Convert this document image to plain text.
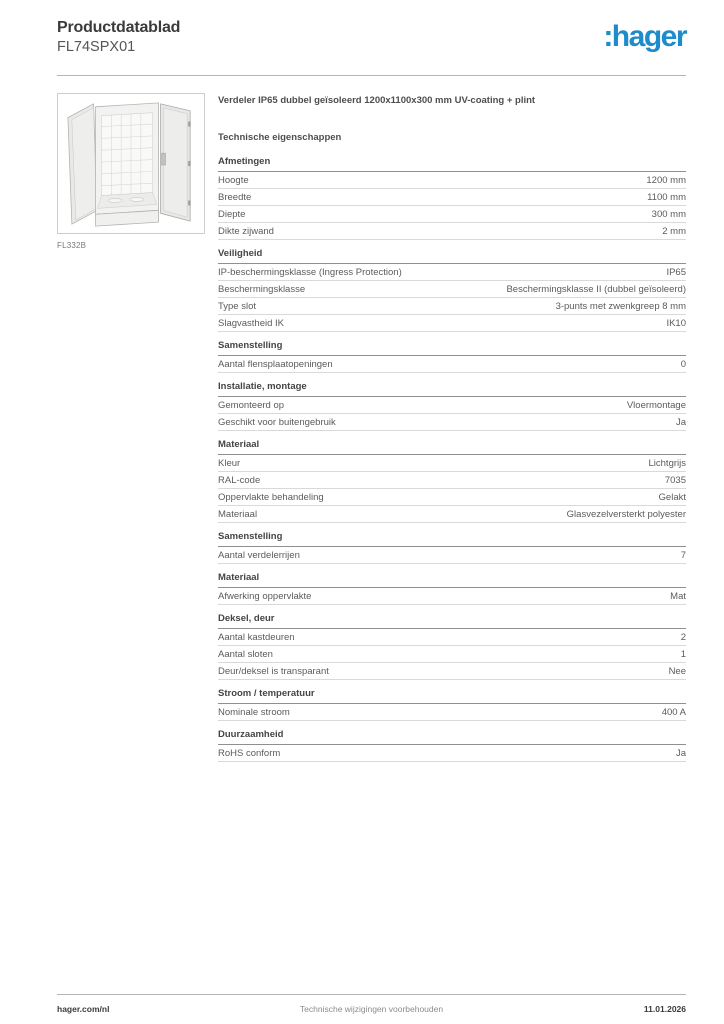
Productdatablad
FL74SPX01	:hager
FL332B
Verdeler IP65 dubbel geïsoleerd 1200x1100x300 mm UV-coating + plint
Technische eigenschappen
Afmetingen
Hoogte	1200 mm
Breedte	1100 mm
Diepte	300 mm
Dikte zijwand	2 mm
Veiligheid
IP-beschermingsklasse (Ingress Protection)	IP65
Beschermingsklasse	Beschermingsklasse II (dubbel geïsoleerd)
Type slot	3-punts met zwenkgreep 8 mm
Slagvastheid IK	IK10
Samenstelling
Aantal flensplaatopeningen	0
Installatie, montage
Gemonteerd op	Vloermontage
Geschikt voor buitengebruik	Ja
Materiaal
Kleur	Lichtgrijs
RAL-code	7035
Oppervlakte behandeling	Gelakt
Materiaal	Glasvezelversterkt polyester
Samenstelling
Aantal verdelerrijen	7
Materiaal
Afwerking oppervlakte	Mat
Deksel, deur
Aantal kastdeuren	2
Aantal sloten	1
Deur/deksel is transparant	Nee
Stroom / temperatuur
Nominale stroom	400 A
Duurzaamheid
RoHS conform	Ja
Technische wijzigingen voorbehouden
hager.com/nl	11.01.2026
